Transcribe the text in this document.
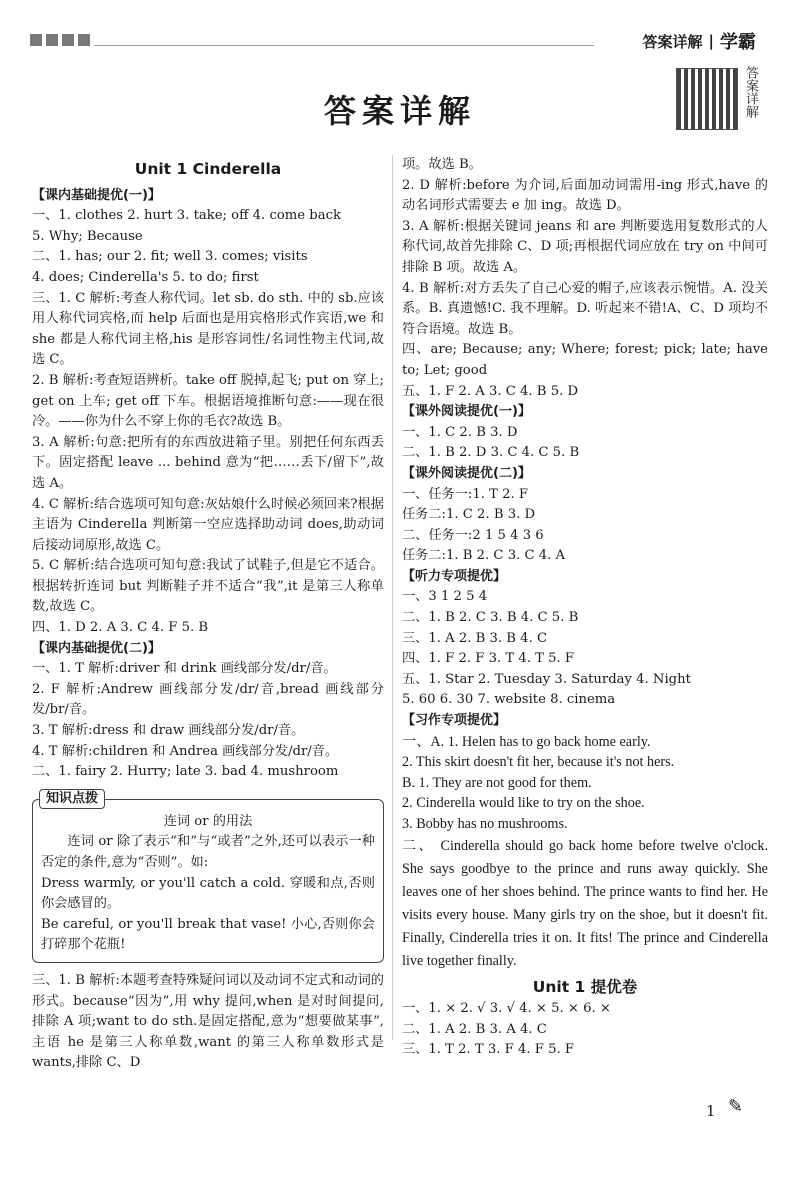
答案详解 | 学霸
答案详解	答案详解
Unit 1 Cinderella
【课内基础提优(一)】
一、1. clothes 2. hurt 3. take; off 4. come back
5. Why; Because
二、1. has; our 2. fit; well 3. comes; visits
4. does; Cinderella's 5. to do; first
三、1. C 解析:考查人称代词。let sb. do sth. 中的 sb.应该用人称代词宾格,而 help 后面也是用宾格形式作宾语,we 和 she 都是人称代词主格,his 是形容词性/名词性物主代词,故选 C。
2. B 解析:考查短语辨析。take off 脱掉,起飞; put on 穿上; get on 上车; get off 下车。根据语境推断句意:——现在很冷。——你为什么不穿上你的毛衣?故选 B。
3. A 解析:句意:把所有的东西放进箱子里。别把任何东西丢下。固定搭配 leave ... behind 意为“把……丢下/留下”,故选 A。
4. C 解析:结合选项可知句意:灰姑娘什么时候必须回来?根据主语为 Cinderella 判断第一空应选择助动词 does,助动词后接动词原形,故选 C。
5. C 解析:结合选项可知句意:我试了试鞋子,但是它不适合。根据转折连词 but 判断鞋子并不适合“我”,it 是第三人称单数,故选 C。
四、1. D 2. A 3. C 4. F 5. B
【课内基础提优(二)】
一、1. T 解析:driver 和 drink 画线部分发/dr/音。
2. F 解析:Andrew 画线部分发/dr/音,bread 画线部分发/br/音。
3. T 解析:dress 和 draw 画线部分发/dr/音。
4. T 解析:children 和 Andrea 画线部分发/dr/音。
二、1. fairy 2. Hurry; late 3. bad 4. mushroom
知识点拨
连词 or 的用法
连词 or 除了表示“和”与“或者”之外,还可以表示一种否定的条件,意为“否则”。如:
Dress warmly, or you'll catch a cold. 穿暖和点,否则你会感冒的。
Be careful, or you'll break that vase! 小心,否则你会打碎那个花瓶!
三、1. B 解析:本题考查特殊疑问词以及动词不定式和动词的形式。because“因为”,用 why 提问,when 是对时间提问,排除 A 项;want to do sth.是固定搭配,意为“想要做某事”,主语 he 是第三人称单数,want 的第三人称单数形式是 wants,排除 C、D
项。故选 B。
2. D 解析:before 为介词,后面加动词需用-ing 形式,have 的动名词形式需要去 e 加 ing。故选 D。
3. A 解析:根据关键词 jeans 和 are 判断要选用复数形式的人称代词,故首先排除 C、D 项;再根据代词应放在 try on 中间可排除 B 项。故选 A。
4. B 解析:对方丢失了自己心爱的帽子,应该表示惋惜。A. 没关系。B. 真遗憾!C. 我不理解。D. 听起来不错!A、C、D 项均不符合语境。故选 B。
四、are; Because; any; Where; forest; pick; late; have to; Let; good
五、1. F 2. A 3. C 4. B 5. D
【课外阅读提优(一)】
一、1. C 2. B 3. D
二、1. B 2. D 3. C 4. C 5. B
【课外阅读提优(二)】
一、任务一:1. T 2. F
任务二:1. C 2. B 3. D
二、任务一:2 1 5 4 3 6
任务二:1. B 2. C 3. C 4. A
【听力专项提优】
一、3 1 2 5 4
二、1. B 2. C 3. B 4. C 5. B
三、1. A 2. B 3. B 4. C
四、1. F 2. F 3. T 4. T 5. F
五、1. Star 2. Tuesday 3. Saturday 4. Night
5. 60 6. 30 7. website 8. cinema
【习作专项提优】
一、A. 1. Helen has to go back home early.
2. This skirt doesn't fit her, because it's not hers.
B. 1. They are not good for them.
2. Cinderella would like to try on the shoe.
3. Bobby has no mushrooms.
二、 Cinderella should go back home before twelve o'clock. She says goodbye to the prince and runs away quickly. She leaves one of her shoes behind. The prince wants to find her. He visits every house. Many girls try on the shoe, but it doesn't fit. Finally, Cinderella tries it on. It fits! The prince and Cinderella live together finally.
Unit 1 提优卷
一、1. × 2. √ 3. √ 4. × 5. × 6. ×
二、1. A 2. B 3. A 4. C
三、1. T 2. T 3. F 4. F 5. F
1 ✎
